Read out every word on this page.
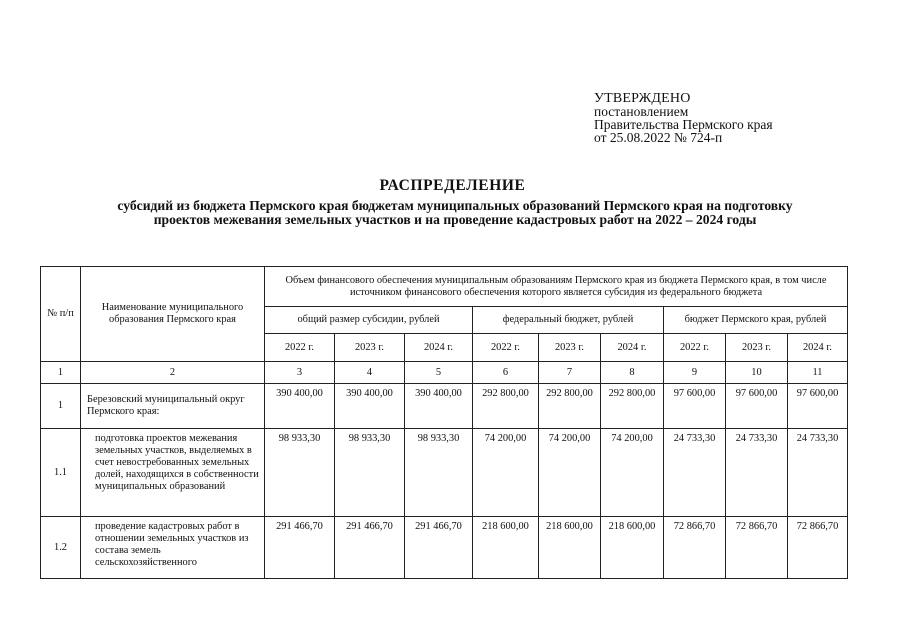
УТВЕРЖДЕНО
постановлением
Правительства Пермского края
от 25.08.2022 № 724-п
РАСПРЕДЕЛЕНИЕ
субсидий из бюджета Пермского края бюджетам муниципальных образований Пермского края на подготовку
проектов межевания земельных участков и на проведение кадастровых работ на 2022 – 2024 годы
№ п/п	Наименование муниципального образования Пермского края	Объем финансового обеспечения муниципальным образованиям Пермского края из бюджета Пермского края, в том числе источником финансового обеспечения которого является субсидия из федерального бюджета								
		общий размер субсидии, рублей			федеральный бюджет, рублей			бюджет Пермского края, рублей		
		2022 г.	2023 г.	2024 г.	2022 г.	2023 г.	2024 г.	2022 г.	2023 г.	2024 г.
1	2	3	4	5	6	7	8	9	10	11
1	Березовский муниципальный округ Пермского края:	390 400,00	390 400,00	390 400,00	292 800,00	292 800,00	292 800,00	97 600,00	97 600,00	97 600,00
1.1	подготовка проектов межевания земельных участков, выделяемых в счет невостребованных земельных долей, находящихся в собственности муниципальных образований	98 933,30	98 933,30	98 933,30	74 200,00	74 200,00	74 200,00	24 733,30	24 733,30	24 733,30
1.2	проведение кадастровых работ в отношении земельных участков из состава земель сельскохозяйственного	291 466,70	291 466,70	291 466,70	218 600,00	218 600,00	218 600,00	72 866,70	72 866,70	72 866,70
